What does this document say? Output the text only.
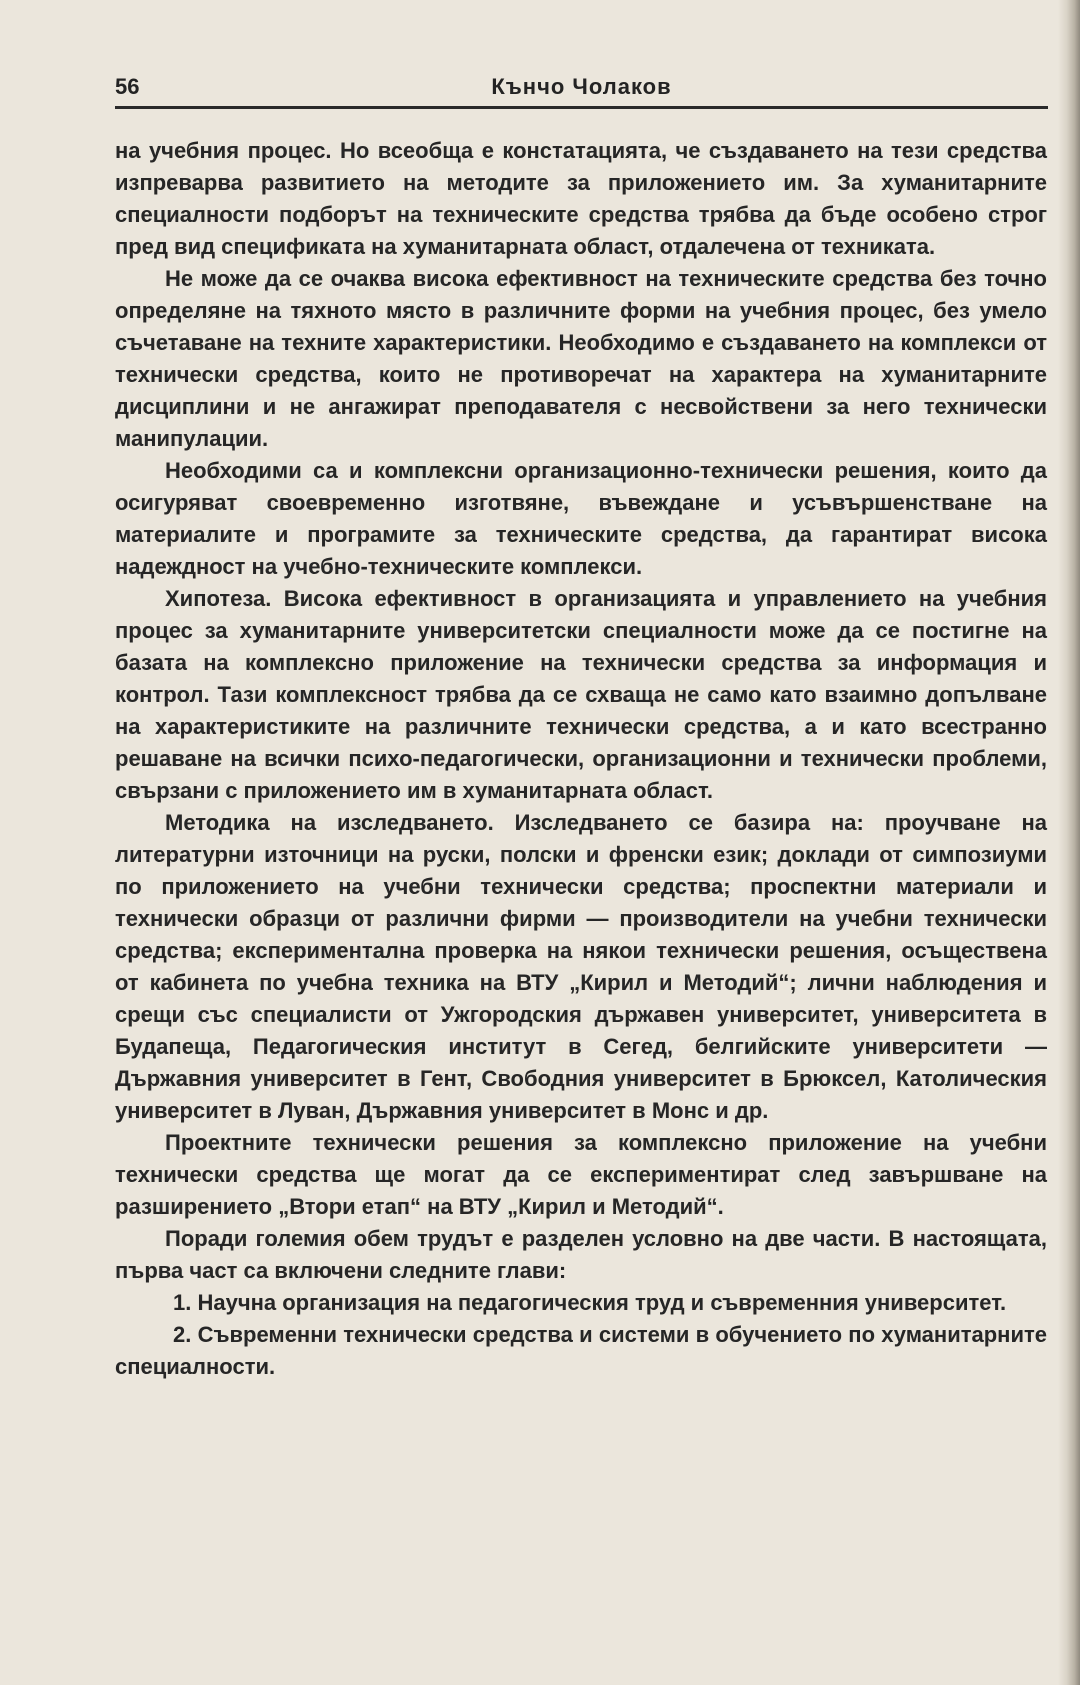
56	Кънчо Чолаков

на учебния процес. Но всеобща е констатацията, че създаването на тези средства изпреварва развитието на методите за приложението им. За хуманитарните специалности подборът на техническите средства трябва да бъде особено строг пред вид спецификата на хуманитарната област, отдалечена от техниката.

Не може да се очаква висока ефективност на техническите средства без точно определяне на тяхното място в различните форми на учебния процес, без умело съчетаване на техните характеристики. Необходимо е създаването на комплекси от технически средства, които не противоречат на характера на хуманитарните дисциплини и не ангажират преподавателя с несвойствени за него технически манипулации.

Необходими са и комплексни организационно-технически решения, които да осигуряват своевременно изготвяне, въвеждане и усъвършенстване на материалите и програмите за техническите средства, да гарантират висока надеждност на учебно-техническите комплекси.

Хипотеза. Висока ефективност в организацията и управлението на учебния процес за хуманитарните университетски специалности може да се постигне на базата на комплексно приложение на технически средства за информация и контрол. Тази комплексност трябва да се схваща не само като взаимно допълване на характеристиките на различните технически средства, а и като всестранно решаване на всички психо-педагогически, организационни и технически проблеми, свързани с приложението им в хуманитарната област.

Методика на изследването. Изследването се базира на: проучване на литературни източници на руски, полски и френски език; доклади от симпозиуми по приложението на учебни технически средства; проспектни материали и технически образци от различни фирми — производители на учебни технически средства; експериментална проверка на някои технически решения, осъществена от кабинета по учебна техника на ВТУ „Кирил и Методий“; лични наблюдения и срещи със специалисти от Ужгородския държавен университет, университета в Будапеща, Педагогическия институт в Сегед, белгийските университети — Държавния университет в Гент, Свободния университет в Брюксел, Католическия университет в Луван, Държавния университет в Монс и др.

Проектните технически решения за комплексно приложение на учебни технически средства ще могат да се експериментират след завършване на разширението „Втори етап“ на ВТУ „Кирил и Методий“.

Поради големия обем трудът е разделен условно на две части. В настоящата, първа част са включени следните глави:

1. Научна организация на педагогическия труд и съвременния университет.

2. Съвременни технически средства и системи в обучението по хуманитарните специалности.
